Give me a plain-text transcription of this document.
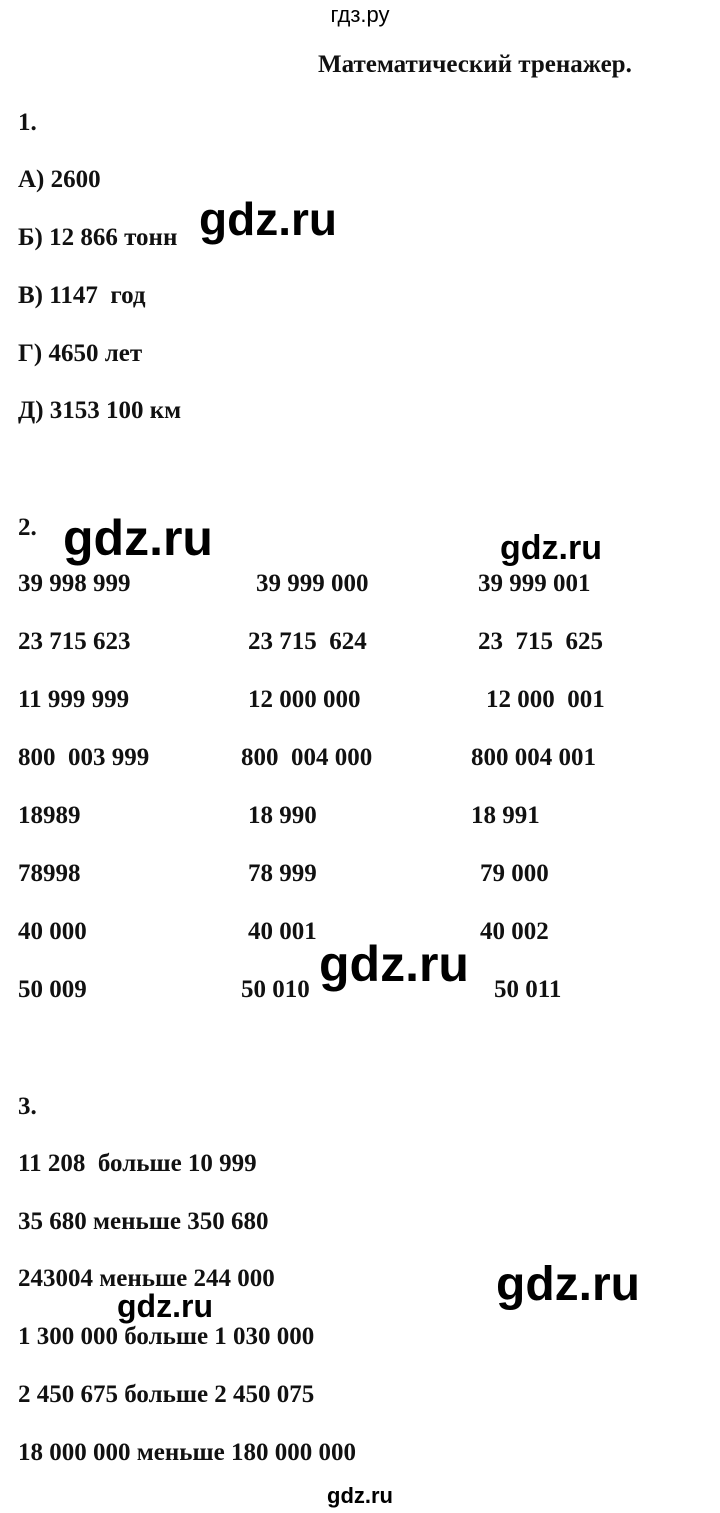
гдз.ру
Математический тренажер.
1.
А) 2600
Б) 12 866 тонн
В) 1147  год
Г) 4650 лет
Д) 3153 100 км
2.
39 998 999	39 999 000	39 999 001
23 715 623	23 715  624	23  715  625
11 999 999	12 000 000	12 000  001
800  003 999	800  004 000	800 004 001
18989	18 990	18 991
78998	78 999	79 000
40 000	40 001	40 002
50 009	50 010	50 011
3.
11 208  больше 10 999
35 680 меньше 350 680
243004 меньше 244 000
1 300 000 больше 1 030 000
2 450 675 больше 2 450 075
18 000 000 меньше 180 000 000
gdz.ru
gdz.ru	gdz.ru
gdz.ru
gdz.ru
gdz.ru
gdz.ru
